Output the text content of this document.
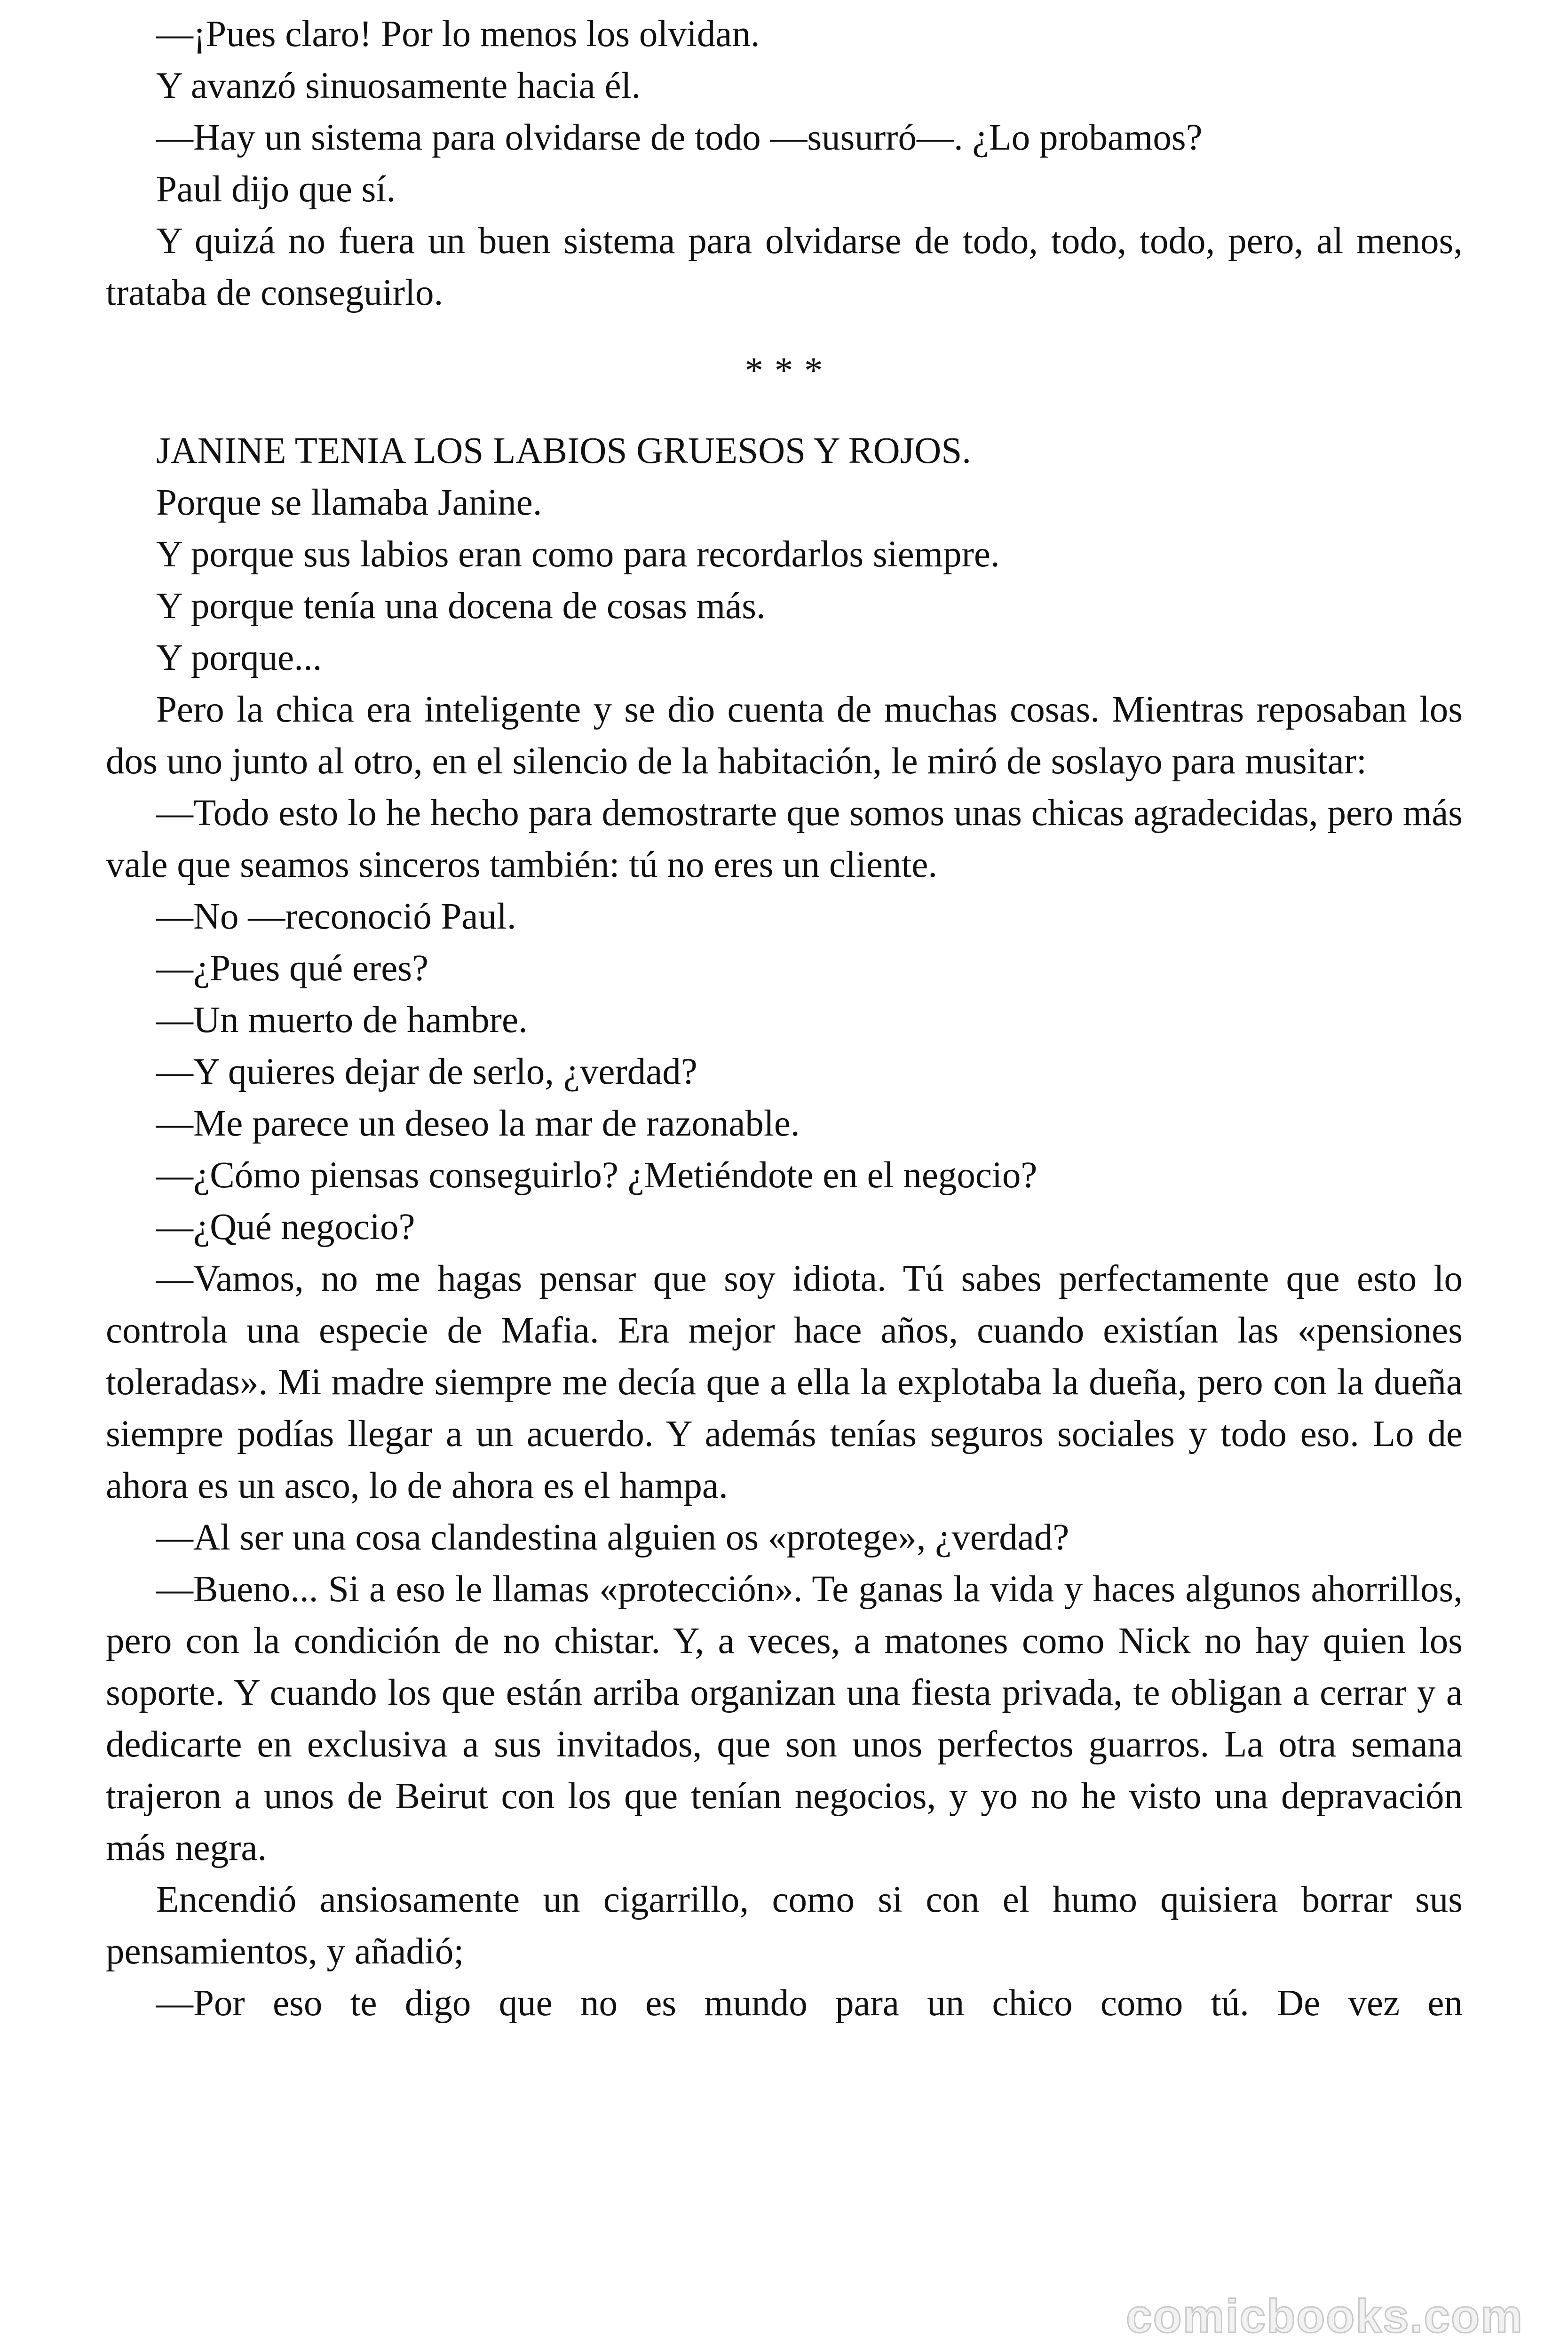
—¡Pues claro! Por lo menos los olvidan.

Y avanzó sinuosamente hacia él.

—Hay un sistema para olvidarse de todo —susurró—. ¿Lo probamos?

Paul dijo que sí.

Y quizá no fuera un buen sistema para olvidarse de todo, todo, todo, pero, al menos, trataba de conseguirlo.

* * *

JANINE TENIA LOS LABIOS GRUESOS Y ROJOS.

Porque se llamaba Janine.

Y porque sus labios eran como para recordarlos siempre.

Y porque tenía una docena de cosas más.

Y porque...

Pero la chica era inteligente y se dio cuenta de muchas cosas. Mientras reposaban los dos uno junto al otro, en el silencio de la habitación, le miró de soslayo para musitar:

—Todo esto lo he hecho para demostrarte que somos unas chicas agradecidas, pero más vale que seamos sinceros también: tú no eres un cliente.

—No —reconoció Paul.

—¿Pues qué eres?

—Un muerto de hambre.

—Y quieres dejar de serlo, ¿verdad?

—Me parece un deseo la mar de razonable.

—¿Cómo piensas conseguirlo? ¿Metiéndote en el negocio?

—¿Qué negocio?

—Vamos, no me hagas pensar que soy idiota. Tú sabes perfectamente que esto lo controla una especie de Mafia. Era mejor hace años, cuando existían las «pensiones toleradas». Mi madre siempre me decía que a ella la explotaba la dueña, pero con la dueña siempre podías llegar a un acuerdo. Y además tenías seguros sociales y todo eso. Lo de ahora es un asco, lo de ahora es el hampa.

—Al ser una cosa clandestina alguien os «protege», ¿verdad?

—Bueno... Si a eso le llamas «protección». Te ganas la vida y haces algunos ahorrillos, pero con la condición de no chistar. Y, a veces, a matones como Nick no hay quien los soporte. Y cuando los que están arriba organizan una fiesta privada, te obligan a cerrar y a dedicarte en exclusiva a sus invitados, que son unos perfectos guarros. La otra semana trajeron a unos de Beirut con los que tenían negocios, y yo no he visto una depravación más negra.

Encendió ansiosamente un cigarrillo, como si con el humo quisiera borrar sus pensamientos, y añadió;

—Por eso te digo que no es mundo para un chico como tú. De vez en

comicbooks.com
